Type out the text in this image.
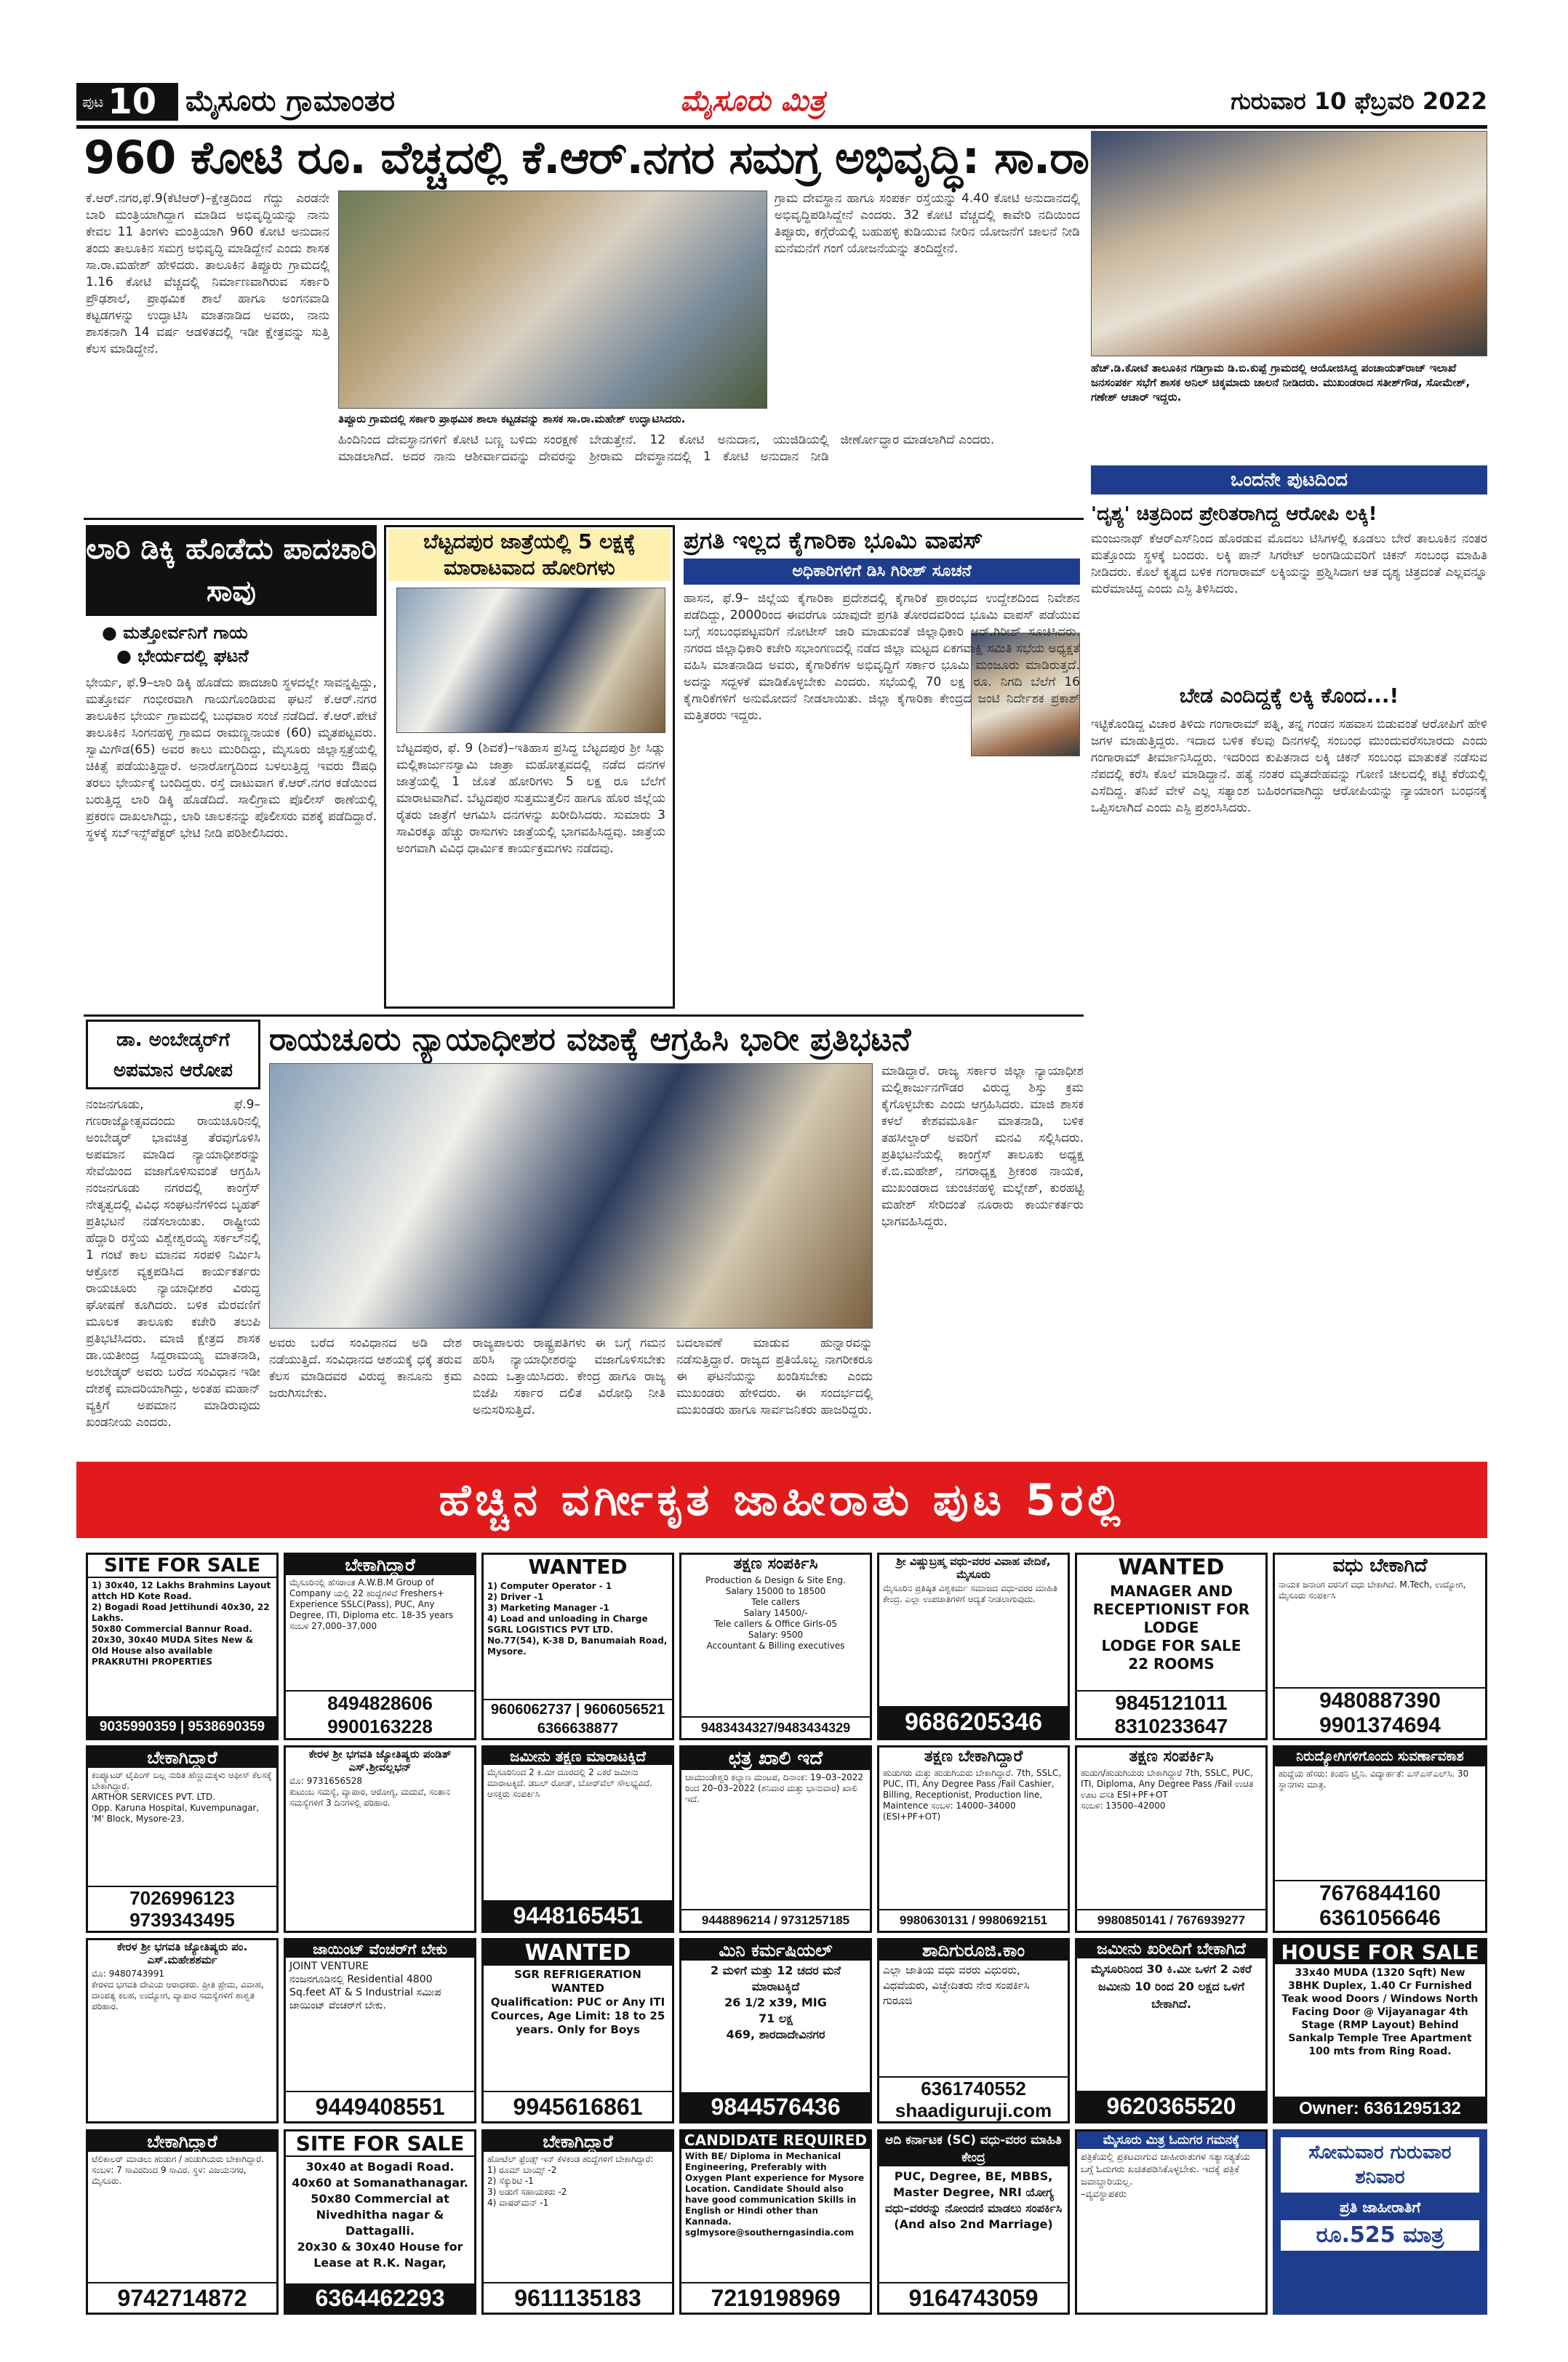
ಪುಟ 10 ಮೈಸೂರು ಗ್ರಾಮಾಂತರ	ಮೈಸೂರು ಮಿತ್ರ	ಗುರುವಾರ 10 ಫೆಬ್ರವರಿ 2022
960 ಕೋಟಿ ರೂ. ವೆಚ್ಚದಲ್ಲಿ ಕೆ.ಆರ್.ನಗರ ಸಮಗ್ರ ಅಭಿವೃದ್ಧಿ: ಸಾ.ರಾ
ಕೆ.ಆರ್.ನಗರ,ಫೆ.9(ಕೆಟಿಆರ್)–ಕ್ಷೇತ್ರದಿಂದ ಗೆದ್ದು ಎರಡನೇ ಬಾರಿ ಮಂತ್ರಿಯಾಗಿದ್ದಾಗ ಮಾಡಿದ ಅಭಿವೃದ್ಧಿಯನ್ನು ನಾನು ಕೇವಲ 11 ತಿಂಗಳು ಮಂತ್ರಿಯಾಗಿ 960 ಕೋಟಿ ಅನುದಾನ ತಂದು ತಾಲೂಕಿನ ಸಮಗ್ರ ಅಭಿವೃದ್ಧಿ ಮಾಡಿದ್ದೇನೆ ಎಂದು ಶಾಸಕ ಸಾ.ರಾ.ಮಹೇಶ್ ಹೇಳಿದರು. ತಾಲೂಕಿನ ತಿಪ್ಪೂರು ಗ್ರಾಮದಲ್ಲಿ 1.16 ಕೋಟಿ ವೆಚ್ಚದಲ್ಲಿ ನಿರ್ಮಾಣವಾಗಿರುವ ಸರ್ಕಾರಿ ಪ್ರೌಢಶಾಲೆ, ಪ್ರಾಥಮಿಕ ಶಾಲೆ ಹಾಗೂ ಅಂಗನವಾಡಿ ಕಟ್ಟಡಗಳನ್ನು ಉದ್ಘಾಟಿಸಿ ಮಾತನಾಡಿದ ಅವರು, ನಾನು ಶಾಸಕನಾಗಿ 14 ವರ್ಷ ಆಡಳಿತದಲ್ಲಿ ಇಡೀ ಕ್ಷೇತ್ರವನ್ನು ಸುತ್ತಿ ಕೆಲಸ ಮಾಡಿದ್ದೇನೆ.
ಗ್ರಾಮ ದೇವಸ್ಥಾನ ಹಾಗೂ ಸಂಪರ್ಕ ರಸ್ತೆಯನ್ನು 4.40 ಕೋಟಿ ಅನುದಾನದಲ್ಲಿ ಅಭಿವೃದ್ಧಿಪಡಿಸಿದ್ದೇನೆ ಎಂದರು. 32 ಕೋಟಿ ವೆಚ್ಚದಲ್ಲಿ ಕಾವೇರಿ ನದಿಯಿಂದ ತಿಪ್ಪೂರು, ಕಗ್ಗೆರೆಯಲ್ಲಿ ಬಹುಹಳ್ಳಿ ಕುಡಿಯುವ ನೀರಿನ ಯೋಜನೆಗೆ ಚಾಲನೆ ನೀಡಿ ಮನೆಮನೆಗೆ ಗಂಗೆ ಯೋಜನೆಯನ್ನು ತಂದಿದ್ದೇನೆ.
ತಿಪ್ಪೂರು ಗ್ರಾಮದಲ್ಲಿ ಸರ್ಕಾರಿ ಪ್ರಾಥಮಿಕ ಶಾಲಾ ಕಟ್ಟಡವನ್ನು ಶಾಸಕ ಸಾ.ರಾ.ಮಹೇಶ್ ಉದ್ಘಾಟಿಸಿದರು.
ಹಿಂದಿನಿಂದ ದೇವಸ್ಥಾನಗಳಿಗೆ ಕೋಟಿ ಬಣ್ಣ ಬಳಿದು ಸಂರಕ್ಷಣೆ ಮಾಡಲಾಗಿದೆ. ಅದರ ನಾನು ಆಶೀರ್ವಾದವನ್ನು ದೇವರನ್ನು ಬೇಡುತ್ತೇನೆ. 12 ಕೋಟಿ ಅನುದಾನ, ಯುಜಿಡಿಯಲ್ಲಿ ಶ್ರೀರಾಮ ದೇವಸ್ಥಾನದಲ್ಲಿ 1 ಕೋಟಿ ಅನುದಾನ ನೀಡಿ ಜೀರ್ಣೋದ್ಧಾರ ಮಾಡಲಾಗಿದೆ ಎಂದರು.
ಹೆಚ್.ಡಿ.ಕೋಟೆ ತಾಲೂಕಿನ ಗಡಿಗ್ರಾಮ ಡಿ.ಬಿ.ಕುಪ್ಪೆ ಗ್ರಾಮದಲ್ಲಿ ಆಯೋಜಿಸಿದ್ದ ಪಂಚಾಯತ್‌ರಾಜ್ ಇಲಾಖೆ ಜನಸಂಪರ್ಕ ಸಭೆಗೆ ಶಾಸಕ ಅನಿಲ್ ಚಿಕ್ಕಮಾದು ಚಾಲನೆ ನೀಡಿದರು. ಮುಖಂಡರಾದ ಸತೀಶ್‌ಗೌಡ, ಸೋಮೇಶ್, ಗಣೇಶ್ ಆಚಾರ್ ಇದ್ದರು.
ಒಂದನೇ ಪುಟದಿಂದ
'ದೃಶ್ಯ' ಚಿತ್ರದಿಂದ ಪ್ರೇರಿತರಾಗಿದ್ದ ಆರೋಪಿ ಲಕ್ಕಿ!
ಮಂಜುನಾಥ್ ಕೆಆರ್‌ಎಸ್‌ನಿಂದ ಹೊರಡುವ ಮೊದಲು ಟಿಸಿಗಳಲ್ಲಿ ಕೂಡಲು ಬೇರೆ ತಾಲೂಕಿನ ನಂತರ ಮತ್ತೊಂದು ಸ್ಥಳಕ್ಕೆ ಬಂದರು. ಲಕ್ಕಿ ಪಾನ್ ಸಿಗರೇಟ್ ಅಂಗಡಿಯವರಿಗೆ ಚಿಕನ್ ಸಂಬಂಧ ಮಾಹಿತಿ ನೀಡಿದರು. ಕೊಲೆ ಕೃತ್ಯದ ಬಳಿಕ ಗಂಗಾರಾಮ್ ಲಕ್ಕಿಯನ್ನು ಪ್ರಶ್ನಿಸಿದಾಗ ಆತ ದೃಶ್ಯ ಚಿತ್ರದಂತೆ ಎಲ್ಲವನ್ನೂ ಮರೆಮಾಚಿದ್ದ ಎಂದು ಎಸ್ಪಿ ತಿಳಿಸಿದರು.
ಬೇಡ ಎಂದಿದ್ದಕ್ಕೆ ಲಕ್ಕಿ ಕೊಂದ...!
ಇಟ್ಟಿಕೊಂಡಿದ್ದ ವಿಚಾರ ತಿಳಿದು ಗಂಗಾರಾಮ್ ಪತ್ನಿ, ತನ್ನ ಗಂಡನ ಸಹವಾಸ ಬಿಡುವಂತೆ ಆರೋಪಿಗೆ ಹೇಳಿ ಜಗಳ ಮಾಡುತ್ತಿದ್ದರು. ಇದಾದ ಬಳಿಕ ಕೆಲವು ದಿನಗಳಲ್ಲಿ ಸಂಬಂಧ ಮುಂದುವರೆಸಬಾರದು ಎಂದು ಗಂಗಾರಾಮ್ ತೀರ್ಮಾನಿಸಿದ್ದರು. ಇದರಿಂದ ಕುಪಿತನಾದ ಲಕ್ಕಿ ಚಿಕನ್ ಸಂಬಂಧ ಮಾತುಕತೆ ನಡೆಸುವ ನೆಪದಲ್ಲಿ ಕರೆಸಿ ಕೊಲೆ ಮಾಡಿದ್ದಾನೆ. ಹತ್ಯೆ ನಂತರ ಮೃತದೇಹವನ್ನು ಗೋಣಿ ಚೀಲದಲ್ಲಿ ಕಟ್ಟಿ ಕೆರೆಯಲ್ಲಿ ಎಸೆದಿದ್ದ. ತನಿಖೆ ವೇಳೆ ಎಲ್ಲ ಸತ್ಯಾಂಶ ಬಹಿರಂಗವಾಗಿದ್ದು ಆರೋಪಿಯನ್ನು ನ್ಯಾಯಾಂಗ ಬಂಧನಕ್ಕೆ ಒಪ್ಪಿಸಲಾಗಿದೆ ಎಂದು ಎಸ್ಪಿ ಪ್ರಶಂಸಿಸಿದರು.
ಲಾರಿ ಡಿಕ್ಕಿ ಹೊಡೆದು ಪಾದಚಾರಿ ಸಾವು
● ಮತ್ತೋರ್ವನಿಗೆ ಗಾಯ
● ಭೇರ್ಯದಲ್ಲಿ ಘಟನೆ
ಭೇರ್ಯ, ಫೆ.9–ಲಾರಿ ಡಿಕ್ಕಿ ಹೊಡೆದು ಪಾದಚಾರಿ ಸ್ಥಳದಲ್ಲೇ ಸಾವನ್ನಪ್ಪಿದ್ದು, ಮತ್ತೋರ್ವ ಗಂಭೀರವಾಗಿ ಗಾಯಗೊಂಡಿರುವ ಘಟನೆ ಕೆ.ಆರ್.ನಗರ ತಾಲೂಕಿನ ಭೇರ್ಯ ಗ್ರಾಮದಲ್ಲಿ ಬುಧವಾರ ಸಂಜೆ ನಡೆದಿದೆ. ಕೆ.ಆರ್.ಪೇಟೆ ತಾಲೂಕಿನ ಸಿಂಗನಹಳ್ಳಿ ಗ್ರಾಮದ ರಾಮಣ್ಣನಾಯಕ (60) ಮೃತಪಟ್ಟವರು. ಸ್ವಾಮಿಗೌಡ(65) ಅವರ ಕಾಲು ಮುರಿದಿದ್ದು, ಮೈಸೂರು ಜಿಲ್ಲಾಸ್ಪತ್ರೆಯಲ್ಲಿ ಚಿಕಿತ್ಸೆ ಪಡೆಯುತ್ತಿದ್ದಾರೆ. ಅನಾರೋಗ್ಯದಿಂದ ಬಳಲುತ್ತಿದ್ದ ಇವರು ಔಷಧಿ ತರಲು ಭೇರ್ಯಕ್ಕೆ ಬಂದಿದ್ದರು. ರಸ್ತೆ ದಾಟುವಾಗ ಕೆ.ಆರ್.ನಗರ ಕಡೆಯಿಂದ ಬರುತ್ತಿದ್ದ ಲಾರಿ ಡಿಕ್ಕಿ ಹೊಡೆದಿದೆ. ಸಾಲಿಗ್ರಾಮ ಪೊಲೀಸ್ ಠಾಣೆಯಲ್ಲಿ ಪ್ರಕರಣ ದಾಖಲಾಗಿದ್ದು, ಲಾರಿ ಚಾಲಕನನ್ನು ಪೊಲೀಸರು ವಶಕ್ಕೆ ಪಡೆದಿದ್ದಾರೆ. ಸ್ಥಳಕ್ಕೆ ಸಬ್‌ಇನ್ಸ್‌ಪೆಕ್ಟರ್ ಭೇಟಿ ನೀಡಿ ಪರಿಶೀಲಿಸಿದರು.
ಬೆಟ್ಟದಪುರ ಜಾತ್ರೆಯಲ್ಲಿ 5 ಲಕ್ಷಕ್ಕೆ ಮಾರಾಟವಾದ ಹೋರಿಗಳು
ಬೆಟ್ಟದಪುರ, ಫೆ. 9 (ಶಿವಕೆ)–ಇತಿಹಾಸ ಪ್ರಸಿದ್ಧ ಬೆಟ್ಟದಪುರ ಶ್ರೀ ಸಿಡ್ಲು ಮಲ್ಲಿಕಾರ್ಜುನಸ್ವಾಮಿ ಜಾತ್ರಾ ಮಹೋತ್ಸವದಲ್ಲಿ ನಡೆದ ದನಗಳ ಜಾತ್ರೆಯಲ್ಲಿ 1 ಜೊತೆ ಹೋರಿಗಳು 5 ಲಕ್ಷ ರೂ ಬೆಲೆಗೆ ಮಾರಾಟವಾಗಿವೆ. ಬೆಟ್ಟದಪುರ ಸುತ್ತಮುತ್ತಲಿನ ಹಾಗೂ ಹೊರ ಜಿಲ್ಲೆಯ ರೈತರು ಜಾತ್ರೆಗೆ ಆಗಮಿಸಿ ದನಗಳನ್ನು ಖರೀದಿಸಿದರು. ಸುಮಾರು 3 ಸಾವಿರಕ್ಕೂ ಹೆಚ್ಚು ರಾಸುಗಳು ಜಾತ್ರೆಯಲ್ಲಿ ಭಾಗವಹಿಸಿದ್ದವು. ಜಾತ್ರೆಯ ಅಂಗವಾಗಿ ವಿವಿಧ ಧಾರ್ಮಿಕ ಕಾರ್ಯಕ್ರಮಗಳು ನಡೆದವು.
ಪ್ರಗತಿ ಇಲ್ಲದ ಕೈಗಾರಿಕಾ ಭೂಮಿ ವಾಪಸ್
ಅಧಿಕಾರಿಗಳಿಗೆ ಡಿಸಿ ಗಿರೀಶ್ ಸೂಚನೆ
ಹಾಸನ, ಫೆ.9– ಜಿಲ್ಲೆಯ ಕೈಗಾರಿಕಾ ಪ್ರದೇಶದಲ್ಲಿ ಕೈಗಾರಿಕೆ ಪ್ರಾರಂಭದ ಉದ್ದೇಶದಿಂದ ನಿವೇಶನ ಪಡೆದಿದ್ದು, 2000ರಿಂದ ಈವರೆಗೂ ಯಾವುದೇ ಪ್ರಗತಿ ತೋರದವರಿಂದ ಭೂಮಿ ವಾಪಸ್ ಪಡೆಯುವ ಬಗ್ಗೆ ಸಂಬಂಧಪಟ್ಟವರಿಗೆ ನೋಟೀಸ್ ಜಾರಿ ಮಾಡುವಂತೆ ಜಿಲ್ಲಾಧಿಕಾರಿ ಆರ್.ಗಿರೀಶ್ ಸೂಚಿಸಿದರು. ನಗರದ ಜಿಲ್ಲಾಧಿಕಾರಿ ಕಚೇರಿ ಸಭಾಂಗಣದಲ್ಲಿ ನಡೆದ ಜಿಲ್ಲಾ ಮಟ್ಟದ ಏಕಗವಾಕ್ಷಿ ಸಮಿತಿ ಸಭೆಯ ಅಧ್ಯಕ್ಷತೆ ವಹಿಸಿ ಮಾತನಾಡಿದ ಅವರು, ಕೈಗಾರಿಕೆಗಳ ಅಭಿವೃದ್ಧಿಗೆ ಸರ್ಕಾರ ಭೂಮಿ ಮಂಜೂರು ಮಾಡಿರುತ್ತದೆ. ಅದನ್ನು ಸದ್ಬಳಕೆ ಮಾಡಿಕೊಳ್ಳಬೇಕು ಎಂದರು. ಸಭೆಯಲ್ಲಿ 70 ಲಕ್ಷ ರೂ. ನಿಗದಿ ಬೆಲೆಗೆ 16 ಕೈಗಾರಿಕೆಗಳಿಗೆ ಅನುಮೋದನೆ ನೀಡಲಾಯಿತು. ಜಿಲ್ಲಾ ಕೈಗಾರಿಕಾ ಕೇಂದ್ರದ ಜಂಟಿ ನಿರ್ದೇಶಕ ಪ್ರಕಾಶ್ ಮತ್ತಿತರರು ಇದ್ದರು.
ಡಾ. ಅಂಬೇಡ್ಕರ್‌ಗೆ ಅಪಮಾನ ಆರೋಪ
ನಂಜನಗೂಡು, ಫೆ.9–ಗಣರಾಜ್ಯೋತ್ಸವದಂದು ರಾಯಚೂರಿನಲ್ಲಿ ಅಂಬೇಡ್ಕರ್ ಭಾವಚಿತ್ರ ತೆರವುಗೊಳಿಸಿ ಅಪಮಾನ ಮಾಡಿದ ನ್ಯಾಯಾಧೀಶರನ್ನು ಸೇವೆಯಿಂದ ವಜಾಗೊಳಿಸುವಂತೆ ಆಗ್ರಹಿಸಿ ನಂಜನಗೂಡು ನಗರದಲ್ಲಿ ಕಾಂಗ್ರೆಸ್ ನೇತೃತ್ವದಲ್ಲಿ ವಿವಿಧ ಸಂಘಟನೆಗಳಿಂದ ಬೃಹತ್ ಪ್ರತಿಭಟನೆ ನಡೆಸಲಾಯಿತು. ರಾಷ್ಟ್ರೀಯ ಹೆದ್ದಾರಿ ರಸ್ತೆಯ ವಿಶ್ವೇಶ್ವರಯ್ಯ ಸರ್ಕಲ್‌ನಲ್ಲಿ 1 ಗಂಟೆ ಕಾಲ ಮಾನವ ಸರಪಳಿ ನಿರ್ಮಿಸಿ ಆಕ್ರೋಶ ವ್ಯಕ್ತಪಡಿಸಿದ ಕಾರ್ಯಕರ್ತರು ರಾಯಚೂರು ನ್ಯಾಯಾಧೀಶರ ವಿರುದ್ಧ ಘೋಷಣೆ ಕೂಗಿದರು. ಬಳಿಕ ಮೆರವಣಿಗೆ ಮೂಲಕ ತಾಲೂಕು ಕಚೇರಿ ತಲುಪಿ ಪ್ರತಿಭಟಿಸಿದರು. ಮಾಜಿ ಕ್ಷೇತ್ರದ ಶಾಸಕ ಡಾ.ಯತೀಂದ್ರ ಸಿದ್ದರಾಮಯ್ಯ ಮಾತನಾಡಿ, ಅಂಬೇಡ್ಕರ್ ಅವರು ಬರೆದ ಸಂವಿಧಾನ ಇಡೀ ದೇಶಕ್ಕೆ ಮಾದರಿಯಾಗಿದ್ದು, ಅಂತಹ ಮಹಾನ್ ವ್ಯಕ್ತಿಗೆ ಅಪಮಾನ ಮಾಡಿರುವುದು ಖಂಡನೀಯ ಎಂದರು.
ರಾಯಚೂರು ನ್ಯಾಯಾಧೀಶರ ವಜಾಕ್ಕೆ ಆಗ್ರಹಿಸಿ ಭಾರೀ ಪ್ರತಿಭಟನೆ
ಮಾಡಿದ್ದಾರೆ. ರಾಜ್ಯ ಸರ್ಕಾರ ಜಿಲ್ಲಾ ನ್ಯಾಯಾಧೀಶ ಮಲ್ಲಿಕಾರ್ಜುನಗೌಡರ ವಿರುದ್ಧ ಶಿಸ್ತು ಕ್ರಮ ಕೈಗೊಳ್ಳಬೇಕು ಎಂದು ಆಗ್ರಹಿಸಿದರು. ಮಾಜಿ ಶಾಸಕ ಕಳಲೆ ಕೇಶವಮೂರ್ತಿ ಮಾತನಾಡಿ, ಬಳಿಕ ತಹಸೀಲ್ದಾರ್ ಅವರಿಗೆ ಮನವಿ ಸಲ್ಲಿಸಿದರು. ಪ್ರತಿಭಟನೆಯಲ್ಲಿ ಕಾಂಗ್ರೆಸ್ ತಾಲೂಕು ಅಧ್ಯಕ್ಷ ಕೆ.ಬಿ.ಮಹೇಶ್, ನಗರಾಧ್ಯಕ್ಷ ಶ್ರೀಕಂಠ ನಾಯಕ, ಮುಖಂಡರಾದ ಚುಂಚನಹಳ್ಳಿ ಮಲ್ಲೇಶ್, ಕುರಹಟ್ಟಿ ಮಹೇಶ್ ಸೇರಿದಂತೆ ನೂರಾರು ಕಾರ್ಯಕರ್ತರು ಭಾಗವಹಿಸಿದ್ದರು.
ಅವರು ಬರೆದ ಸಂವಿಧಾನದ ಅಡಿ ದೇಶ ನಡೆಯುತ್ತಿದೆ. ಸಂವಿಧಾನದ ಆಶಯಕ್ಕೆ ಧಕ್ಕೆ ತರುವ ಕೆಲಸ ಮಾಡಿದವರ ವಿರುದ್ಧ ಕಾನೂನು ಕ್ರಮ ಜರುಗಿಸಬೇಕು.
ರಾಜ್ಯಪಾಲರು ರಾಷ್ಟ್ರಪತಿಗಳು ಈ ಬಗ್ಗೆ ಗಮನ ಹರಿಸಿ ನ್ಯಾಯಾಧೀಶರನ್ನು ವಜಾಗೊಳಿಸಬೇಕು ಎಂದು ಒತ್ತಾಯಿಸಿದರು. ಕೇಂದ್ರ ಹಾಗೂ ರಾಜ್ಯ ಬಿಜೆಪಿ ಸರ್ಕಾರ ದಲಿತ ವಿರೋಧಿ ನೀತಿ ಅನುಸರಿಸುತ್ತಿದೆ.
ಬದಲಾವಣೆ ಮಾಡುವ ಹುನ್ನಾರವನ್ನು ನಡೆಸುತ್ತಿದ್ದಾರೆ. ರಾಜ್ಯದ ಪ್ರತಿಯೊಬ್ಬ ನಾಗರೀಕರೂ ಈ ಘಟನೆಯನ್ನು ಖಂಡಿಸಬೇಕು ಎಂದು ಮುಖಂಡರು ಹೇಳಿದರು. ಈ ಸಂದರ್ಭದಲ್ಲಿ ಮುಖಂಡರು ಹಾಗೂ ಸಾರ್ವಜನಿಕರು ಹಾಜರಿದ್ದರು.
ಹೆಚ್ಚಿನ ವರ್ಗೀಕೃತ ಜಾಹೀರಾತು ಪುಟ 5ರಲ್ಲಿ
SITE FOR SALE
1) 30x40, 12 Lakhs Brahmins Layout attch HD Kote Road.
2) Bogadi Road Jettihundi 40x30, 22 Lakhs.
50x80 Commercial Bannur Road.
20x30, 30x40 MUDA Sites New & Old House also available
PRAKRUTHI PROPERTIES
9035990359 | 9538690359
ಬೇಕಾಗಿದ್ದಾರೆ
ಮೈಸೂರಿನಲ್ಲಿ ಹೆಸರಾಂತ A.W.B.M Group of Company ಯಲ್ಲಿ 22 ಹುದ್ದೆಗಳಿವೆ Freshers+ Experience SSLC(Pass), PUC, Any Degree, ITI, Diploma etc. 18-35 years ಸಂಬಳ 27,000–37,000
8494828606
9900163228
WANTED
1) Computer Operator - 1
2) Driver -1
3) Marketing Manager -1
4) Load and unloading in Charge
SGRL LOGISTICS PVT LTD.
No.77(54), K-38 D, Banumaiah Road, Mysore.
9606062737 | 9606056521
6366638877
ತಕ್ಷಣ ಸಂಪರ್ಕಿಸಿ
Production & Design & Site Eng.
Salary 15000 to 18500
Tele callers
Salary 14500/-
Tele callers & Office Girls-05
Salary: 9500
Accountant & Billing executives
9483434327/9483434329
ಶ್ರೀ ವಿಷ್ಣುಬ್ರಹ್ಮ ವಧು-ವರರ ವಿವಾಹ ವೇದಿಕೆ, ಮೈಸೂರು
ಮೈಸೂರಿನ ಪ್ರತಿಷ್ಠಿತ ವಿಶ್ವಕರ್ಮ ಸಮಾಜದ ವಧು-ವರರ ಮಾಹಿತಿ ಕೇಂದ್ರ. ಎಲ್ಲಾ ಉಪಜಾತಿಗಳಿಗೆ ಆದ್ಯತೆ ನೀಡಲಾಗುವುದು.
9686205346
WANTED
MANAGER AND RECEPTIONIST FOR LODGE
LODGE FOR SALE
22 ROOMS
9845121011
8310233647
ವಧು ಬೇಕಾಗಿದೆ
ನಾಯಕ ಜನಾಂಗ ವರನಿಗೆ ವಧು ಬೇಕಾಗಿದೆ. M.Tech, ಉದ್ಯೋಗ, ಮೈಸೂರು ಸಂಪರ್ಕಿಸಿ
9480887390
9901374694
ಬೇಕಾಗಿದ್ದಾರೆ
ಕಂಪ್ಯೂಟರ್ ಟೈಪಿಂಗ್ ಬಲ್ಲ ನುರಿತ ಹೆಣ್ಣುಮಕ್ಕಳು ಆಫೀಸ್ ಕೆಲಸಕ್ಕೆ ಬೇಕಾಗಿದ್ದಾರೆ.
ARTHOR SERVICES PVT. LTD.
Opp. Karuna Hospital, Kuvempunagar, 'M' Block, Mysore-23.
7026996123
9739343495
ಕೇರಳ ಶ್ರೀ ಭಗವತಿ ಜ್ಯೋತಿಷ್ಯರು ಪಂಡಿತ್ ಎಸ್.ಶ್ರೀವಲ್ಲಭನ್
ಮೊ: 9731656528
ಕುಟುಂಬ ಸಮಸ್ಯೆ, ವ್ಯಾಪಾರ, ಆರೋಗ್ಯ, ಮದುವೆ, ಸಂತಾನ ಸಮಸ್ಯೆಗಳಿಗೆ 3 ದಿನಗಳಲ್ಲಿ ಪರಿಹಾರ.
ಜಮೀನು ತಕ್ಷಣ ಮಾರಾಟಕ್ಕಿದೆ
ಮೈಸೂರಿನಿಂದ 2 ಕಿ.ಮೀ ದೂರದಲ್ಲಿ 2 ಎಕರೆ ಜಮೀನು ಮಾರಾಟಕ್ಕಿದೆ. ಡಬಲ್ ರೋಡ್, ಬೋರ್‌ವೆಲ್ ಸೌಲಭ್ಯವಿದೆ. ಆಸಕ್ತರು ಸಂಪರ್ಕಿಸಿ
9448165451
ಛತ್ರ ಖಾಲಿ ಇದೆ
ಚಾಮುಂಡೇಶ್ವರಿ ಕಲ್ಯಾಣ ಮಂಟಪ, ದಿನಾಂಕ: 19–03–2022 ರಿಂದ 20–03–2022 (ಶನಿವಾರ ಮತ್ತು ಭಾನುವಾರ) ಖಾಲಿ ಇದೆ.
9448896214 / 9731257185
ತಕ್ಷಣ ಬೇಕಾಗಿದ್ದಾರೆ
ಹುಡುಗರು ಮತ್ತು ಹುಡುಗಿಯರು ಬೇಕಾಗಿದ್ದಾರೆ. 7th, SSLC, PUC, ITI, Any Degree Pass /Fail Cashier, Billing, Receptionist, Production line, Maintence ಸಂಬಳ: 14000–34000 (ESI+PF+OT)
9980630131 / 9980692151
ತಕ್ಷಣ ಸಂಪರ್ಕಿಸಿ
ಹುಡುಗ/ಹುಡುಗಿಯರು ಬೇಕಾಗಿದ್ದಾರೆ 7th, SSLC, PUC, ITI, Diploma, Any Degree Pass /Fail ಉಚಿತ ಊಟ ವಸತಿ ESI+PF+OT
ಸಂಬಳ: 13500–42000
9980850141 / 7676939277
ನಿರುದ್ಯೋಗಿಗಳಿಗೊಂದು ಸುವರ್ಣಾವಕಾಶ
ಹುದ್ದೆಯ ಹೆಸರು: ಕಂಪನಿ ಟ್ರೈನಿ. ವಿದ್ಯಾರ್ಹತೆ: ಎಸ್ಎಸ್ಎಲ್‌ಸಿ. 30 ಸ್ಥಾನಗಳು ಮಾತ್ರ.
7676844160
6361056646
ಕೇರಳ ಶ್ರೀ ಭಗವತಿ ಜ್ಯೋತಿಷ್ಯರು ಪಂ. ಎಸ್.ಮಹೇಶಶರ್ಮ
ಮೊ: 9480743991
ಕೇರಳದ ಭಗವತಿ ದೇವಿಯ ಆರಾಧಕರು. ಪ್ರೀತಿ ಪ್ರೇಮ, ವಿವಾಹ, ದಾಂಪತ್ಯ ಕಲಹ, ಉದ್ಯೋಗ, ವ್ಯಾಪಾರ ಸಮಸ್ಯೆಗಳಿಗೆ ಶಾಶ್ವತ ಪರಿಹಾರ.
ಜಾಯಿಂಟ್ ವೆಂಚರ್‌ಗೆ ಬೇಕು
JOINT VENTURE
ನಂಜನಗೂಡಿನಲ್ಲಿ Residential 4800 Sq.feet AT & S Industrial ಸಮೀಪ ಜಾಯಿಂಟ್ ವೆಂಚರ್‌ಗೆ ಬೇಕು.
9449408551
WANTED
SGR REFRIGERATION WANTED
Qualification: PUC or Any ITI Cources, Age Limit: 18 to 25 years. Only for Boys
9945616861
ಮಿನಿ ಕರ್ಮಷಿಯಲ್
2 ಮಳಿಗೆ ಮತ್ತು 12 ಚದರ ಮನೆ ಮಾರಾಟಕ್ಕಿದೆ
26 1/2 x39, MIG
71 ಲಕ್ಷ
469, ಶಾರದಾದೇವಿನಗರ
9844576436
ಶಾದಿಗುರೂಜಿ.ಕಾಂ
ಎಲ್ಲಾ ಜಾತಿಯ ವಧು ವರರು ವಿಧುರರು, ವಿಧವೆಯರು, ವಿಚ್ಛೇದಿತರು ನೇರ ಸಂಪರ್ಕಿಸಿ
ಗುರೂಜಿ
6361740552
shaadiguruji.com
ಜಮೀನು ಖರೀದಿಗೆ ಬೇಕಾಗಿದೆ
ಮೈಸೂರಿನಿಂದ 30 ಕಿ.ಮೀ ಒಳಗೆ 2 ಎಕರೆ ಜಮೀನು 10 ರಿಂದ 20 ಲಕ್ಷದ ಒಳಗೆ ಬೇಕಾಗಿದೆ.
9620365520
HOUSE FOR SALE
33x40 MUDA (1320 Sqft) New 3BHK Duplex, 1.40 Cr Furnished Teak wood Doors / Windows North Facing Door @ Vijayanagar 4th Stage (RMP Layout) Behind Sankalp Temple Tree Apartment 100 mts from Ring Road.
Owner: 6361295132
ಬೇಕಾಗಿದ್ದಾರೆ
ಟೆಲಿಕಾಲರ್ ಮಾಡಲು ಹುಡುಗ / ಹುಡುಗಿಯರು ಬೇಕಾಗಿದ್ದಾರೆ. ಸಂಬಳ: 7 ಸಾವಿರದಿಂದ 9 ಸಾವಿರ. ಸ್ಥಳ: ವಿಜಯನಗರ, ಮೈಸೂರು.
9742714872
SITE FOR SALE
30x40 at Bogadi Road.
40x60 at Somanathanagar.
50x80 Commercial at Nivedhitha nagar & Dattagalli.
20x30 & 30x40 House for Lease at R.K. Nagar,
6364462293
ಬೇಕಾಗಿದ್ದಾರೆ
ಹೋಟೆಲ್ ಫ್ರೆಂಡ್ಸ್ ಇನ್ ಕೆಳಕಂಡ ಹುದ್ದೆಗಳಿಗೆ ಬೇಕಾಗಿದ್ದಾರೆ:
1) ರೂಮ್ ಬಾಯ್ಸ್ -2
2) ಸೆಕ್ಯುರಿಟಿ -1
3) ಅಡುಗೆ ಸಹಾಯಕರು -2
4) ವಾಷರ್‌ಮನ್ -1
9611135183
CANDIDATE REQUIRED
With BE/ Diploma in Mechanical Engineering, Preferably with Oxygen Plant experience for Mysore Location. Candidate Should also have good communication Skills in English or Hindi other than Kannada.
sglmysore@southerngasindia.com
7219198969
ಆದಿ ಕರ್ನಾಟಕ (SC) ವಧು-ವರರ ಮಾಹಿತಿ ಕೇಂದ್ರ
PUC, Degree, BE, MBBS, Master Degree, NRI ಯೋಗ್ಯ ವಧು–ವರರನ್ನು ನೋಂದಣಿ ಮಾಡಲು ಸಂಪರ್ಕಿಸಿ (And also 2nd Marriage)
9164743059
ಮೈಸೂರು ಮಿತ್ರ ಓದುಗರ ಗಮನಕ್ಕೆ
ಪತ್ರಿಕೆಯಲ್ಲಿ ಪ್ರಕಟವಾಗುವ ಜಾಹೀರಾತುಗಳ ಸತ್ಯಾಸತ್ಯತೆಯ ಬಗ್ಗೆ ಓದುಗರು ಖಚಿತಪಡಿಸಿಕೊಳ್ಳಬೇಕು. ಇದಕ್ಕೆ ಪತ್ರಿಕೆ ಜವಾಬ್ದಾರಿಯಲ್ಲ.
–ವ್ಯವಸ್ಥಾಪಕರು
ಸೋಮವಾರ ಗುರುವಾರ ಶನಿವಾರ
ಪ್ರತಿ ಜಾಹೀರಾತಿಗೆ
ರೂ.525 ಮಾತ್ರ
